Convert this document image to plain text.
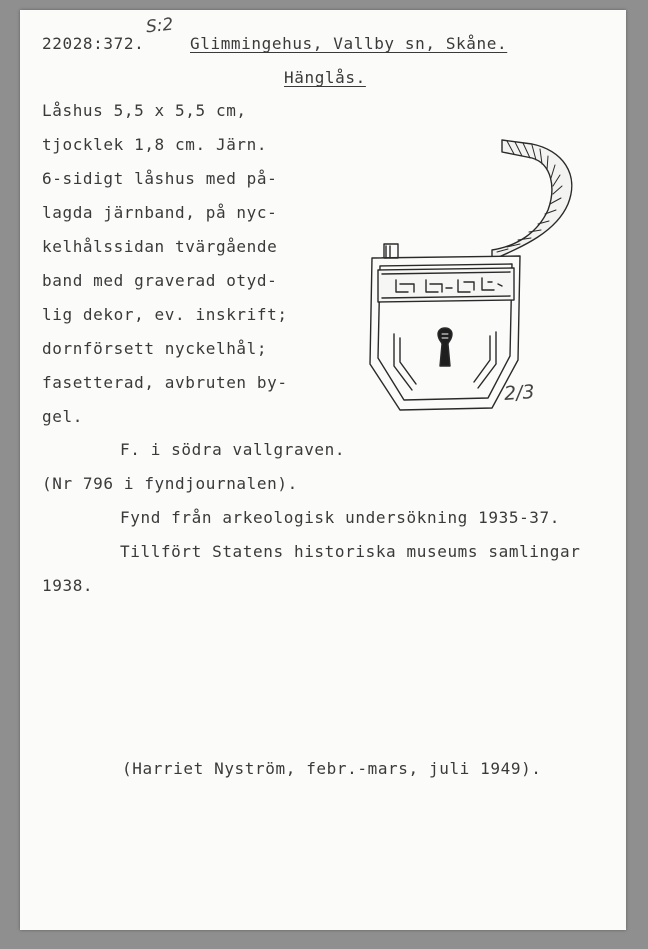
22028:372.
S:2
Glimmingehus, Vallby sn, Skåne.
Hänglås.
Låshus 5,5 x 5,5 cm,
tjocklek 1,8 cm. Järn.
6-sidigt låshus med på-
lagda järnband, på nyc-
kelhålssidan tvärgående
band med graverad otyd-
lig dekor, ev. inskrift;
dornförsett nyckelhål;
fasetterad, avbruten by-
gel.
2/3
F. i södra vallgraven.
(Nr 796 i fyndjournalen).
Fynd från arkeologisk undersökning 1935-37.
Tillfört Statens historiska museums samlingar
1938.
(Harriet Nyström, febr.-mars, juli 1949).
